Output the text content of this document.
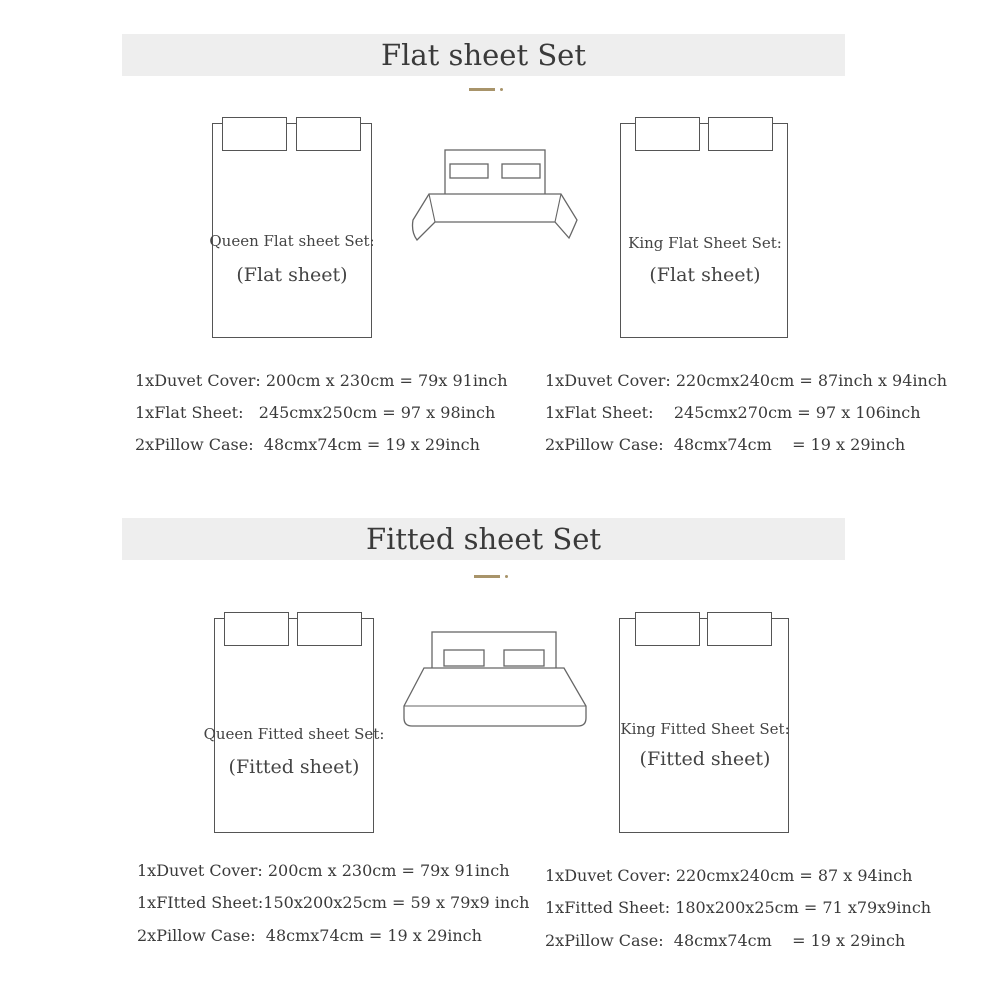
Flat sheet Set
Queen Flat sheet Set:
(Flat sheet)
King Flat Sheet Set:
(Flat sheet)
1xDuvet Cover: 200cm x 230cm = 79x 91inch
1xFlat Sheet:   245cmx250cm = 97 x 98inch
2xPillow Case:  48cmx74cm = 19 x 29inch
1xDuvet Cover: 220cmx240cm = 87inch x 94inch
1xFlat Sheet:    245cmx270cm = 97 x 106inch
2xPillow Case:  48cmx74cm    = 19 x 29inch
Fitted sheet Set
Queen Fitted sheet Set:
(Fitted sheet)
King Fitted Sheet Set:
(Fitted sheet)
1xDuvet Cover: 200cm x 230cm = 79x 91inch
1xFItted Sheet:150x200x25cm = 59 x 79x9 inch
2xPillow Case:  48cmx74cm = 19 x 29inch
1xDuvet Cover: 220cmx240cm = 87 x 94inch
1xFitted Sheet: 180x200x25cm = 71 x79x9inch
2xPillow Case:  48cmx74cm    = 19 x 29inch
